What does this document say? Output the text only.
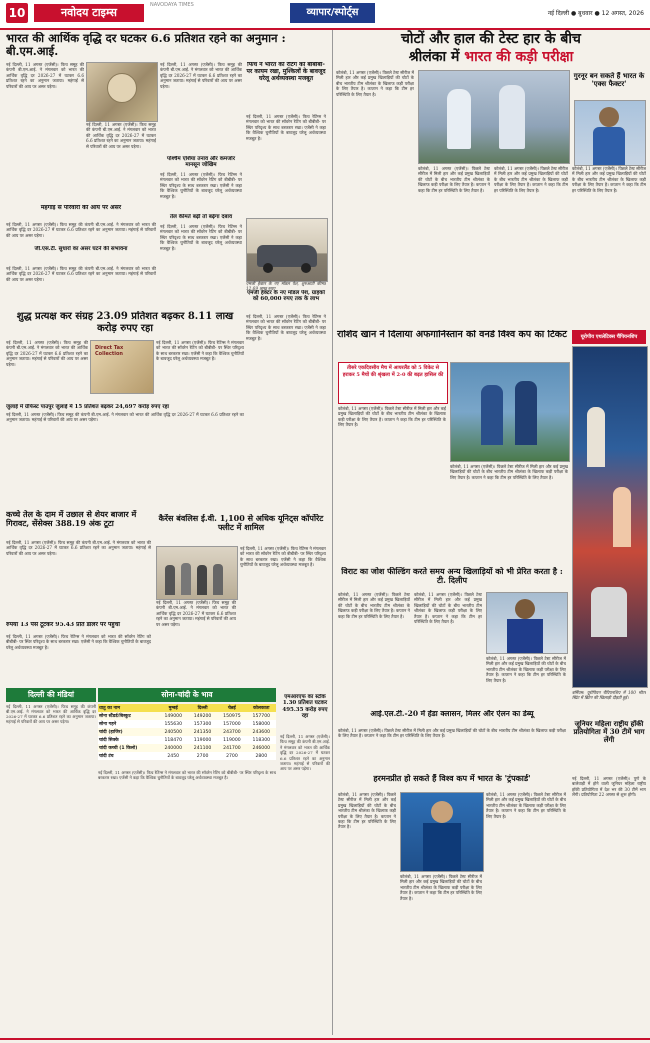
10	नवोदय टाइम्स
NAVODAYA TIMES
व्यापार/स्पोर्ट्स	नई दिल्ली ● बुधवार ● 12 अगस्त, 2026
भारत की आर्थिक वृद्धि दर घटकर 6.6 प्रतिशत रहने का अनुमान : बी.एम.आई.
नई दिल्ली, 11 अगस्त (एजेंसी)। फिच समूह की कंपनी बी.एम.आई. ने मंगलवार को भारत की आर्थिक वृद्धि दर 2026-27 में घटकर 6.6 प्रतिशत रहने का अनुमान जताया। महंगाई से परिवारों की आय पर असर पड़ेगा।
नई दिल्ली, 11 अगस्त (एजेंसी)। फिच समूह की कंपनी बी.एम.आई. ने मंगलवार को भारत की आर्थिक वृद्धि दर 2026-27 में घटकर 6.6 प्रतिशत रहने का अनुमान जताया। महंगाई से परिवारों की आय पर असर पड़ेगा।
महंगाई से परिवारों की आय पर असर
नई दिल्ली, 11 अगस्त (एजेंसी)। फिच समूह की कंपनी बी.एम.आई. ने मंगलवार को भारत की आर्थिक वृद्धि दर 2026-27 में घटकर 6.6 प्रतिशत रहने का अनुमान जताया। महंगाई से परिवारों की आय पर असर पड़ेगा।
जी.एस.टी. सुधारों का असर घटने की संभावना
नई दिल्ली, 11 अगस्त (एजेंसी)। फिच समूह की कंपनी बी.एम.आई. ने मंगलवार को भारत की आर्थिक वृद्धि दर 2026-27 में घटकर 6.6 प्रतिशत रहने का अनुमान जताया। महंगाई से परिवारों की आय पर असर पड़ेगा।
नई दिल्ली, 11 अगस्त (एजेंसी)। फिच समूह की कंपनी बी.एम.आई. ने मंगलवार को भारत की आर्थिक वृद्धि दर 2026-27 में घटकर 6.6 प्रतिशत रहने का अनुमान जताया। महंगाई से परिवारों की आय पर असर पड़ेगा।
पश्चिम एशिया तनाव और कमजोर मानसून जोखिम
नई दिल्ली, 11 अगस्त (एजेंसी)। फिच रेटिंग्स ने मंगलवार को भारत की सॉवरेन रेटिंग को बीबीबी- पर स्थिर परिदृश्य के साथ बरकरार रखा। एजेंसी ने कहा कि वैश्विक चुनौतियों के बावजूद घरेलू अर्थव्यवस्था मजबूत है।
तेल कीमतें बढ़ी तो बढ़ेगा दबाव
नई दिल्ली, 11 अगस्त (एजेंसी)। फिच रेटिंग्स ने मंगलवार को भारत की सॉवरेन रेटिंग को बीबीबी- पर स्थिर परिदृश्य के साथ बरकरार रखा। एजेंसी ने कहा कि वैश्विक चुनौतियों के बावजूद घरेलू अर्थव्यवस्था मजबूत है।
फिच ने भारत की रेटिंग को बीबीबी- पर कायम रखा, मुश्किलों के बावजूद घरेलू अर्थव्यवस्था मजबूत
नई दिल्ली, 11 अगस्त (एजेंसी)। फिच रेटिंग्स ने मंगलवार को भारत की सॉवरेन रेटिंग को बीबीबी- पर स्थिर परिदृश्य के साथ बरकरार रखा। एजेंसी ने कहा कि वैश्विक चुनौतियों के बावजूद घरेलू अर्थव्यवस्था मजबूत है।
एमजी हेक्टर के नए मॉडल पेश, शुरुआती कीमत 12.69 लाख रुपए
एमजी हेक्टर के नए मॉडल पेश, ग्राहकों को 60,000 रुपए तक के लाभ
नई दिल्ली, 11 अगस्त (एजेंसी)। फिच रेटिंग्स ने मंगलवार को भारत की सॉवरेन रेटिंग को बीबीबी- पर स्थिर परिदृश्य के साथ बरकरार रखा। एजेंसी ने कहा कि वैश्विक चुनौतियों के बावजूद घरेलू अर्थव्यवस्था मजबूत है।
शुद्ध प्रत्यक्ष कर संग्रह 23.09 प्रतिशत बढ़कर 8.11 लाख करोड़ रुपए रहा
नई दिल्ली, 11 अगस्त (एजेंसी)। फिच समूह की कंपनी बी.एम.आई. ने मंगलवार को भारत की आर्थिक वृद्धि दर 2026-27 में घटकर 6.6 प्रतिशत रहने का अनुमान जताया। महंगाई से परिवारों की आय पर असर पड़ेगा।
Direct Tax Collection
नई दिल्ली, 11 अगस्त (एजेंसी)। फिच रेटिंग्स ने मंगलवार को भारत की सॉवरेन रेटिंग को बीबीबी- पर स्थिर परिदृश्य के साथ बरकरार रखा। एजेंसी ने कहा कि वैश्विक चुनौतियों के बावजूद घरेलू अर्थव्यवस्था मजबूत है।
जुलाई में ग्रीफेस्ट पाउपुर जुलाई में 15 प्रतिशत बढ़कर 24,697 करोड़ रुपए रहा
नई दिल्ली, 11 अगस्त (एजेंसी)। फिच समूह की कंपनी बी.एम.आई. ने मंगलवार को भारत की आर्थिक वृद्धि दर 2026-27 में घटकर 6.6 प्रतिशत रहने का अनुमान जताया। महंगाई से परिवारों की आय पर असर पड़ेगा।
कच्चे तेल के दाम में उछाल से शेयर बाजार में गिरावट, सेंसेक्स 388.19 अंक टूटा
नई दिल्ली, 11 अगस्त (एजेंसी)। फिच समूह की कंपनी बी.एम.आई. ने मंगलवार को भारत की आर्थिक वृद्धि दर 2026-27 में घटकर 6.6 प्रतिशत रहने का अनुमान जताया। महंगाई से परिवारों की आय पर असर पड़ेगा।
रुपया 13 पैसे टूटकर 95.43 प्रति डॉलर पर पहुंचा
नई दिल्ली, 11 अगस्त (एजेंसी)। फिच रेटिंग्स ने मंगलवार को भारत की सॉवरेन रेटिंग को बीबीबी- पर स्थिर परिदृश्य के साथ बरकरार रखा। एजेंसी ने कहा कि वैश्विक चुनौतियों के बावजूद घरेलू अर्थव्यवस्था मजबूत है।
कैरेंस बंवलिस ई.वी. 1,100 से अधिक यूनिट्स कॉर्पोरेट फ्लीट में शामिल
नई दिल्ली, 11 अगस्त (एजेंसी)। फिच रेटिंग्स ने मंगलवार को भारत की सॉवरेन रेटिंग को बीबीबी- पर स्थिर परिदृश्य के साथ बरकरार रखा। एजेंसी ने कहा कि वैश्विक चुनौतियों के बावजूद घरेलू अर्थव्यवस्था मजबूत है।
नई दिल्ली, 11 अगस्त (एजेंसी)। फिच समूह की कंपनी बी.एम.आई. ने मंगलवार को भारत की आर्थिक वृद्धि दर 2026-27 में घटकर 6.6 प्रतिशत रहने का अनुमान जताया। महंगाई से परिवारों की आय पर असर पड़ेगा।
दिल्ली की मंडियां	सोना-चांदी के भाव
नई दिल्ली, 11 अगस्त (एजेंसी)। फिच समूह की कंपनी बी.एम.आई. ने मंगलवार को भारत की आर्थिक वृद्धि दर 2026-27 में घटकर 6.6 प्रतिशत रहने का अनुमान जताया। महंगाई से परिवारों की आय पर असर पड़ेगा।
धातु का नाम	मुम्बई	दिल्ली	चेन्नई	कोलकाता
सोना स्टैंडर्ड/बिस्कुट	149000	149200	150975	157700
सोना गहने	155630	157300	157000	158000
चांदी (हाजिर)	240500	241350	243700	243600
चांदी सिक्के	118470	119000	119000	118300
चांदी कच्ची (1 किलो)	240000	241100	241700	246000
चांदी टंच	2450	2700	2700	2800
नई दिल्ली, 11 अगस्त (एजेंसी)। फिच रेटिंग्स ने मंगलवार को भारत की सॉवरेन रेटिंग को बीबीबी- पर स्थिर परिदृश्य के साथ बरकरार रखा। एजेंसी ने कहा कि वैश्विक चुनौतियों के बावजूद घरेलू अर्थव्यवस्था मजबूत है।
एमआरएफ का स्टॉक 1.30 प्रतिशत घटकर 495.35 करोड़ रुपए रहा
नई दिल्ली, 11 अगस्त (एजेंसी)। फिच समूह की कंपनी बी.एम.आई. ने मंगलवार को भारत की आर्थिक वृद्धि दर 2026-27 में घटकर 6.6 प्रतिशत रहने का अनुमान जताया। महंगाई से परिवारों की आय पर असर पड़ेगा।
चोटों और हाल की टेस्ट हार के बीच
श्रीलंका में भारत की कड़ी परीक्षा
कोलंबो, 11 अगस्त (एजेंसी)। पिछले टेस्ट सीरीज में मिली हार और कई प्रमुख खिलाड़ियों की चोटों के बीच भारतीय टीम श्रीलंका के खिलाफ कड़ी परीक्षा के लिए तैयार है। कप्तान ने कहा कि टीम हर परिस्थिति के लिए तैयार है।
कोलंबो, 11 अगस्त (एजेंसी)। पिछले टेस्ट सीरीज में मिली हार और कई प्रमुख खिलाड़ियों की चोटों के बीच भारतीय टीम श्रीलंका के खिलाफ कड़ी परीक्षा के लिए तैयार है। कप्तान ने कहा कि टीम हर परिस्थिति के लिए तैयार है।
कोलंबो, 11 अगस्त (एजेंसी)। पिछले टेस्ट सीरीज में मिली हार और कई प्रमुख खिलाड़ियों की चोटों के बीच भारतीय टीम श्रीलंका के खिलाफ कड़ी परीक्षा के लिए तैयार है। कप्तान ने कहा कि टीम हर परिस्थिति के लिए तैयार है।
गुरनूर बन सकते हैं भारत के 'एक्स फैक्टर'
कोलंबो, 11 अगस्त (एजेंसी)। पिछले टेस्ट सीरीज में मिली हार और कई प्रमुख खिलाड़ियों की चोटों के बीच भारतीय टीम श्रीलंका के खिलाफ कड़ी परीक्षा के लिए तैयार है। कप्तान ने कहा कि टीम हर परिस्थिति के लिए तैयार है।
राशिद खान ने दिलाया अफगानिस्तान को वनडे विश्व कप का टिकट
तीसरे एकदिवसीय मैच में आयरलैंड को 5 विकेट से हराकर 5 मैचों की श्रृंखला में 2-0 की बढ़त हासिल की
कोलंबो, 11 अगस्त (एजेंसी)। पिछले टेस्ट सीरीज में मिली हार और कई प्रमुख खिलाड़ियों की चोटों के बीच भारतीय टीम श्रीलंका के खिलाफ कड़ी परीक्षा के लिए तैयार है। कप्तान ने कहा कि टीम हर परिस्थिति के लिए तैयार है।
कोलंबो, 11 अगस्त (एजेंसी)। पिछले टेस्ट सीरीज में मिली हार और कई प्रमुख खिलाड़ियों की चोटों के बीच भारतीय टीम श्रीलंका के खिलाफ कड़ी परीक्षा के लिए तैयार है। कप्तान ने कहा कि टीम हर परिस्थिति के लिए तैयार है।
विराट का जोश फील्डिंग करते समय अन्य खिलाड़ियों को भी प्रेरित करता है : टी. दिलीप
कोलंबो, 11 अगस्त (एजेंसी)। पिछले टेस्ट सीरीज में मिली हार और कई प्रमुख खिलाड़ियों की चोटों के बीच भारतीय टीम श्रीलंका के खिलाफ कड़ी परीक्षा के लिए तैयार है। कप्तान ने कहा कि टीम हर परिस्थिति के लिए तैयार है।
कोलंबो, 11 अगस्त (एजेंसी)। पिछले टेस्ट सीरीज में मिली हार और कई प्रमुख खिलाड़ियों की चोटों के बीच भारतीय टीम श्रीलंका के खिलाफ कड़ी परीक्षा के लिए तैयार है। कप्तान ने कहा कि टीम हर परिस्थिति के लिए तैयार है।
कोलंबो, 11 अगस्त (एजेंसी)। पिछले टेस्ट सीरीज में मिली हार और कई प्रमुख खिलाड़ियों की चोटों के बीच भारतीय टीम श्रीलंका के खिलाफ कड़ी परीक्षा के लिए तैयार है। कप्तान ने कहा कि टीम हर परिस्थिति के लिए तैयार है।
आई.एल.टी.-20 में हेंडा क्लासन, मिलर और ऐलन का डेब्यू
कोलंबो, 11 अगस्त (एजेंसी)। पिछले टेस्ट सीरीज में मिली हार और कई प्रमुख खिलाड़ियों की चोटों के बीच भारतीय टीम श्रीलंका के खिलाफ कड़ी परीक्षा के लिए तैयार है। कप्तान ने कहा कि टीम हर परिस्थिति के लिए तैयार है।
हरमनप्रीत हो सकते हैं विश्व कप में भारत के 'ट्रंपकार्ड'
कोलंबो, 11 अगस्त (एजेंसी)। पिछले टेस्ट सीरीज में मिली हार और कई प्रमुख खिलाड़ियों की चोटों के बीच भारतीय टीम श्रीलंका के खिलाफ कड़ी परीक्षा के लिए तैयार है। कप्तान ने कहा कि टीम हर परिस्थिति के लिए तैयार है।
कोलंबो, 11 अगस्त (एजेंसी)। पिछले टेस्ट सीरीज में मिली हार और कई प्रमुख खिलाड़ियों की चोटों के बीच भारतीय टीम श्रीलंका के खिलाफ कड़ी परीक्षा के लिए तैयार है। कप्तान ने कहा कि टीम हर परिस्थिति के लिए तैयार है।
कोलंबो, 11 अगस्त (एजेंसी)। पिछले टेस्ट सीरीज में मिली हार और कई प्रमुख खिलाड़ियों की चोटों के बीच भारतीय टीम श्रीलंका के खिलाफ कड़ी परीक्षा के लिए तैयार है। कप्तान ने कहा कि टीम हर परिस्थिति के लिए तैयार है।
यूरोपीय एथलेटिक्स चैंपियनशिप
बर्मिंघम: यूरोपियन चैंपियनशिप में 100 मीटर स्प्रिंट में ब्रिटेन की खिलाड़ी दौड़ती हुई।
जूनियर महिला राष्ट्रीय हॉकी प्रतियोगिता में 30 टीमें भाग लेंगी
नई दिल्ली, 11 अगस्त (एजेंसी)। पुणे के बालेवाड़ी में होने वाली जूनियर महिला राष्ट्रीय हॉकी प्रतियोगिता में देश भर की 30 टीमें भाग लेंगी। प्रतियोगिता 22 अगस्त से शुरू होगी।
